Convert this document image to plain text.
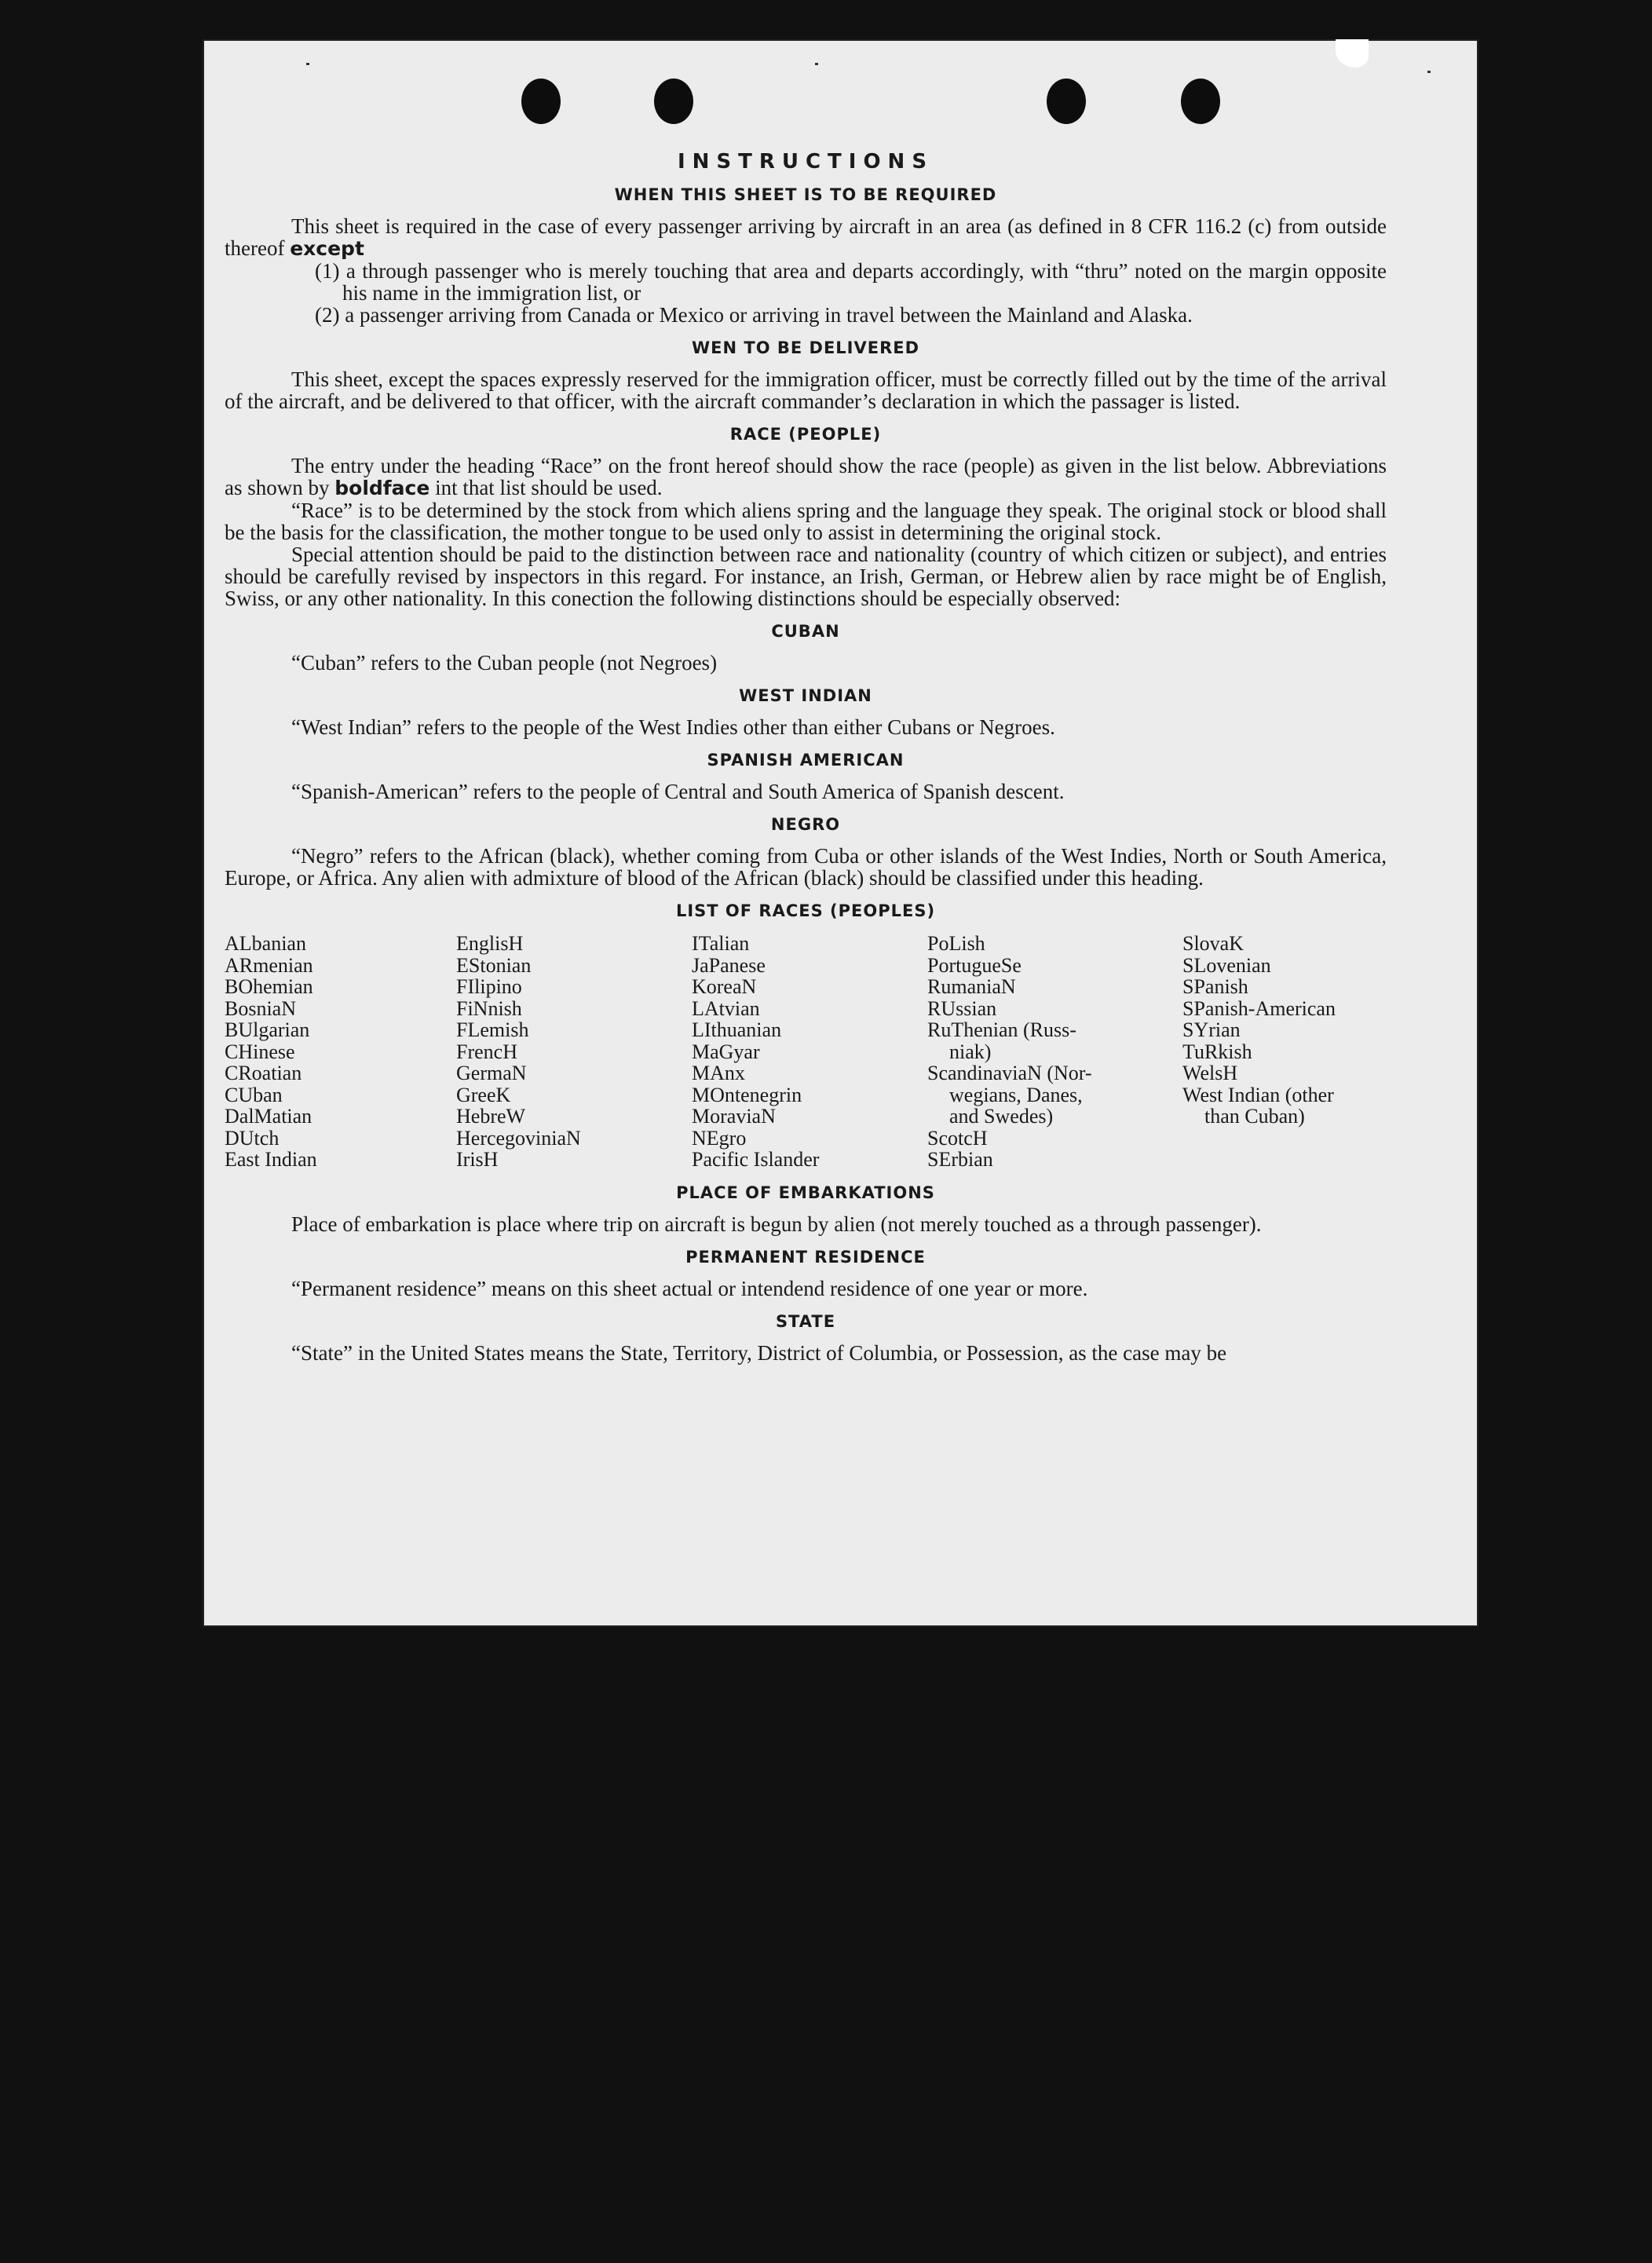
INSTRUCTIONS
WHEN THIS SHEET IS TO BE REQUIRED

This sheet is required in the case of every passenger arriving by aircraft in an area (as defined in 8 CFR 116.2 (c) from outside thereof except

(1) a through passenger who is merely touching that area and departs accordingly, with “thru” noted on the margin opposite his name in the immigration list, or
(2) a passenger arriving from Canada or Mexico or arriving in travel between the Mainland and Alaska.
WEN TO BE DELIVERED

This sheet, except the spaces expressly reserved for the immigration officer, must be correctly filled out by the time of the arrival of the aircraft, and be delivered to that officer, with the aircraft commander’s declaration in which the passager is listed.

RACE (PEOPLE)

The entry under the heading “Race” on the front hereof should show the race (people) as given in the list below. Abbreviations as shown by boldface int that list should be used.

“Race” is to be determined by the stock from which aliens spring and the language they speak. The original stock or blood shall be the basis for the classification, the mother tongue to be used only to assist in determining the original stock.

Special attention should be paid to the distinction between race and nationality (country of which citizen or subject), and entries should be carefully revised by inspectors in this regard. For instance, an Irish, German, or Hebrew alien by race might be of English, Swiss, or any other nationality. In this conection the following distinctions should be especially observed:

CUBAN

“Cuban” refers to the Cuban people (not Negroes)

WEST INDIAN

“West Indian” refers to the people of the West Indies other than either Cubans or Negroes.

SPANISH AMERICAN

“Spanish-American” refers to the people of Central and South America of Spanish descent.

NEGRO

“Negro” refers to the African (black), whether coming from Cuba or other islands of the West Indies, North or South America, Europe, or Africa. Any alien with admixture of blood of the African (black) should be classified under this heading.

LIST OF RACES (PEOPLES)
ALbanian
ARmenian
BOhemian
BosniaN
BUlgarian
CHinese
CRoatian
CUban
DalMatian
DUtch
East Indian
EnglisH
EStonian
FIlipino
FiNnish
FLemish
FrencH
GermaN
GreeK
HebreW
HercegoviniaN
IrisH
ITalian
JaPanese
KoreaN
LAtvian
LIthuanian
MaGyar
MAnx
MOntenegrin
MoraviaN
NEgro
Pacific Islander
PoLish
PortugueSe
RumaniaN
RUssian
RuThenian (Russ-
niak)
ScandinaviaN (Nor-
wegians, Danes,
and Swedes)
ScotcH
SErbian
SlovaK
SLovenian
SPanish
SPanish-American
SYrian
TuRkish
WelsH
West Indian (other
than Cuban)
PLACE OF EMBARKATIONS

Place of embarkation is place where trip on aircraft is begun by alien (not merely touched as a through passenger).

PERMANENT RESIDENCE

“Permanent residence” means on this sheet actual or intendend residence of one year or more.

STATE

“State” in the United States means the State, Territory, District of Columbia, or Possession, as the case may be
